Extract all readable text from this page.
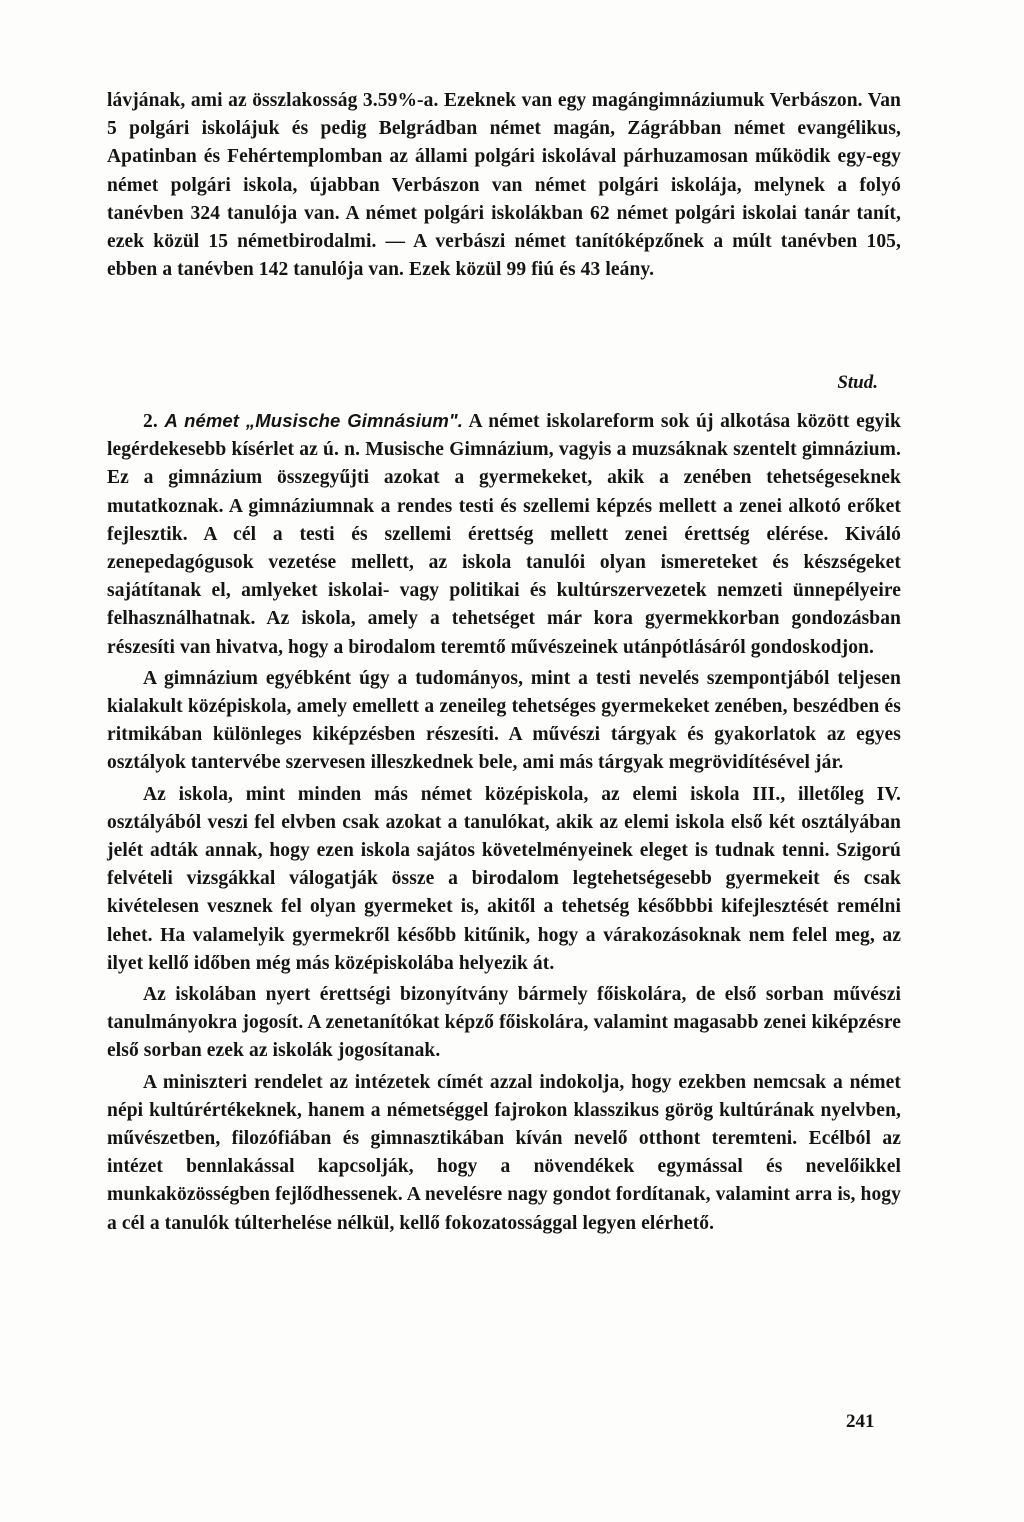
lávjának, ami az összlakosság 3.59%-a. Ezeknek van egy magángimnáziumuk Verbászon. Van 5 polgári iskolájuk és pedig Belgrádban német magán, Zágrábban német evangélikus, Apatinban és Fehértemplomban az állami polgári iskolával párhuzamosan működik egy-egy német polgári iskola, újabban Verbászon van német polgári iskolája, melynek a folyó tanévben 324 tanulója van. A német polgári iskolákban 62 német polgári iskolai tanár tanít, ezek közül 15 németbirodalmi. — A verbászi német tanítóképzőnek a múlt tanévben 105, ebben a tanévben 142 tanulója van. Ezek közül 99 fiú és 43 leány.

Stud.

2. A német „Musische Gimnásium". A német iskolareform sok új alkotása között egyik legérdekesebb kísérlet az ú. n. Musische Gimnázium, vagyis a muzsáknak szentelt gimnázium. Ez a gimnázium összegyűjti azokat a gyermekeket, akik a zenében tehetségeseknek mutatkoznak. A gimnáziumnak a rendes testi és szellemi képzés mellett a zenei alkotó erőket fejlesztik. A cél a testi és szellemi érettség mellett zenei érettség elérése. Kiváló zenepedagógusok vezetése mellett, az iskola tanulói olyan ismereteket és készségeket sajátítanak el, amlyeket iskolai- vagy politikai és kultúrszervezetek nemzeti ünnepélyeire felhasználhatnak. Az iskola, amely a tehetséget már kora gyermekkorban gondozásban részesíti van hivatva, hogy a birodalom teremtő művészeinek utánpótlásáról gondoskodjon.

A gimnázium egyébként úgy a tudományos, mint a testi nevelés szempontjából teljesen kialakult középiskola, amely emellett a zeneileg tehetséges gyermekeket zenében, beszédben és ritmikában különleges kiképzésben részesíti. A művészi tárgyak és gyakorlatok az egyes osztályok tantervébe szervesen illeszkednek bele, ami más tárgyak megrövidítésével jár.

Az iskola, mint minden más német középiskola, az elemi iskola III., illetőleg IV. osztályából veszi fel elvben csak azokat a tanulókat, akik az elemi iskola első két osztályában jelét adták annak, hogy ezen iskola sajátos követelményeinek eleget is tudnak tenni. Szigorú felvételi vizsgákkal válogatják össze a birodalom legtehetségesebb gyermekeit és csak kivételesen vesznek fel olyan gyermeket is, akitől a tehetség későbbbi kifejlesztését remélni lehet. Ha valamelyik gyermekről később kitűnik, hogy a várakozásoknak nem felel meg, az ilyet kellő időben még más középiskolába helyezik át.

Az iskolában nyert érettségi bizonyítvány bármely főiskolára, de első sorban művészi tanulmányokra jogosít. A zenetanítókat képző főiskolára, valamint magasabb zenei kiképzésre első sorban ezek az iskolák jogosítanak.

A miniszteri rendelet az intézetek címét azzal indokolja, hogy ezekben nemcsak a német népi kultúrértékeknek, hanem a németséggel fajrokon klasszikus görög kultúrának nyelvben, művészetben, filozófiában és gimnasztikában kíván nevelő otthont teremteni. Ecélból az intézet bennlakással kapcsolják, hogy a növendékek egymással és nevelőikkel munkaközösségben fejlődhessenek. A nevelésre nagy gondot fordítanak, valamint arra is, hogy a cél a tanulók túlterhelése nélkül, kellő fokozatossággal legyen elérhető.

241
